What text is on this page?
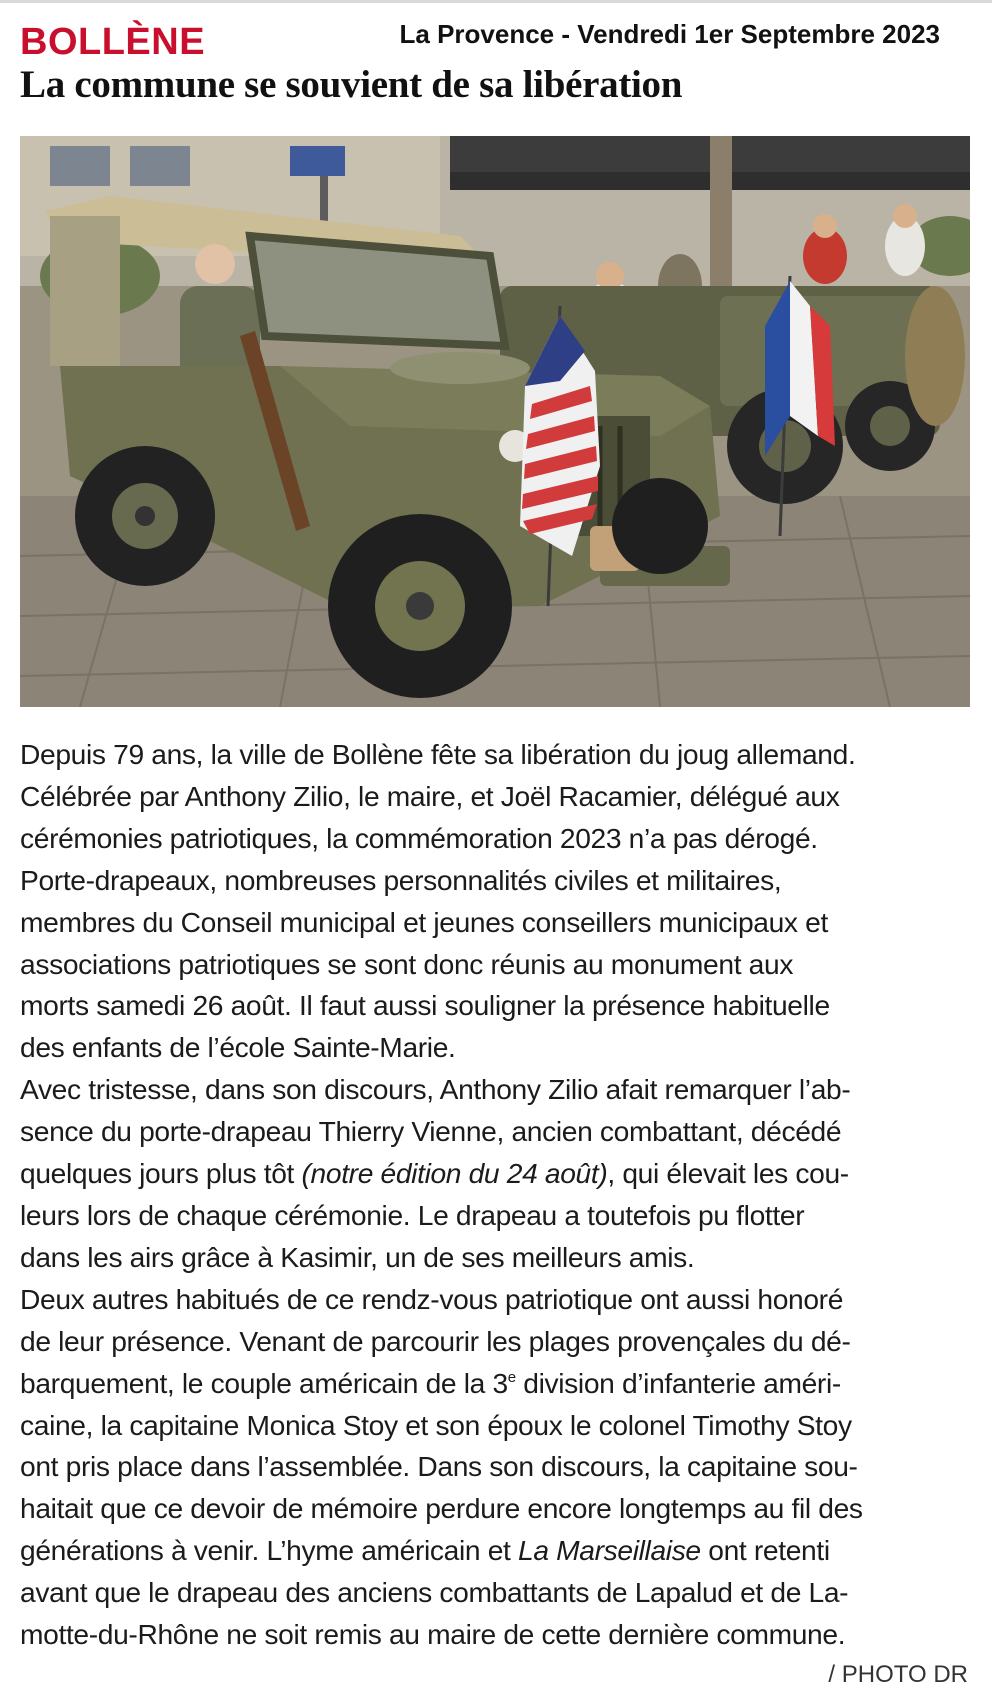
BOLLÈNE	La Provence - Vendredi 1er Septembre 2023
La commune se souvient de sa libération

Depuis 79 ans, la ville de Bollène fête sa libération du joug allemand.

Célébrée par Anthony Zilio, le maire, et Joël Racamier, délégué aux

cérémonies patriotiques, la commémoration 2023 n’a pas dérogé.

Porte-drapeaux, nombreuses personnalités civiles et militaires,

membres du Conseil municipal et jeunes conseillers municipaux et

associations patriotiques se sont donc réunis au monument aux

morts samedi 26 août. Il faut aussi souligner la présence habituelle

des enfants de l’école Sainte-Marie.

Avec tristesse, dans son discours, Anthony Zilio afait remarquer l’ab-

sence du porte-drapeau Thierry Vienne, ancien combattant, décédé

quelques jours plus tôt (notre édition du 24 août), qui élevait les cou-

leurs lors de chaque cérémonie. Le drapeau a toutefois pu flotter

dans les airs grâce à Kasimir, un de ses meilleurs amis.

Deux autres habitués de ce rendz-vous patriotique ont aussi honoré

de leur présence. Venant de parcourir les plages provençales du dé-

barquement, le couple américain de la 3e division d’infanterie améri-

caine, la capitaine Monica Stoy et son époux le colonel Timothy Stoy

ont pris place dans l’assemblée. Dans son discours, la capitaine sou-

haitait que ce devoir de mémoire perdure encore longtemps au fil des

générations à venir. L’hyme américain et La Marseillaise ont retenti

avant que le drapeau des anciens combattants de Lapalud et de La-

motte-du-Rhône ne soit remis au maire de cette dernière commune.

/ PHOTO DR
